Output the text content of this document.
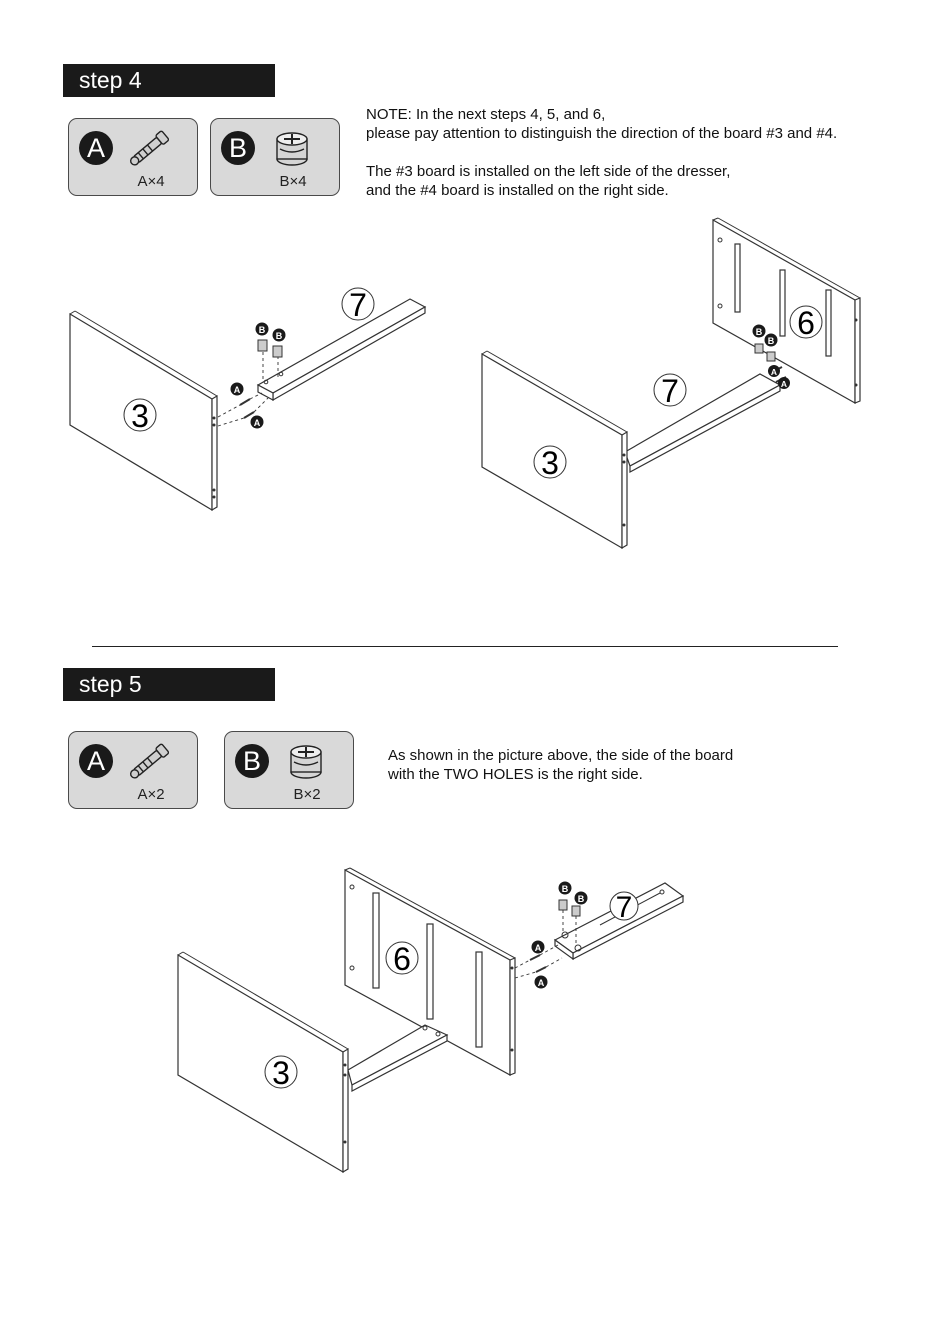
step 4
A
A×4
B
B×4

NOTE: In the next steps 4, 5, and 6,

please pay attention to distinguish the direction of the board #3 and #4.

The #3 board is installed on the left side of the dresser,

and the #4 board is installed on the right side.

3
7
B
B
A
A
6
7
3
B
B
A
A
step 5
A
A×2
B
B×2

As shown in the picture above, the side of the board

with the TWO HOLES is the right side.

6
3
7
B
B
A
A
